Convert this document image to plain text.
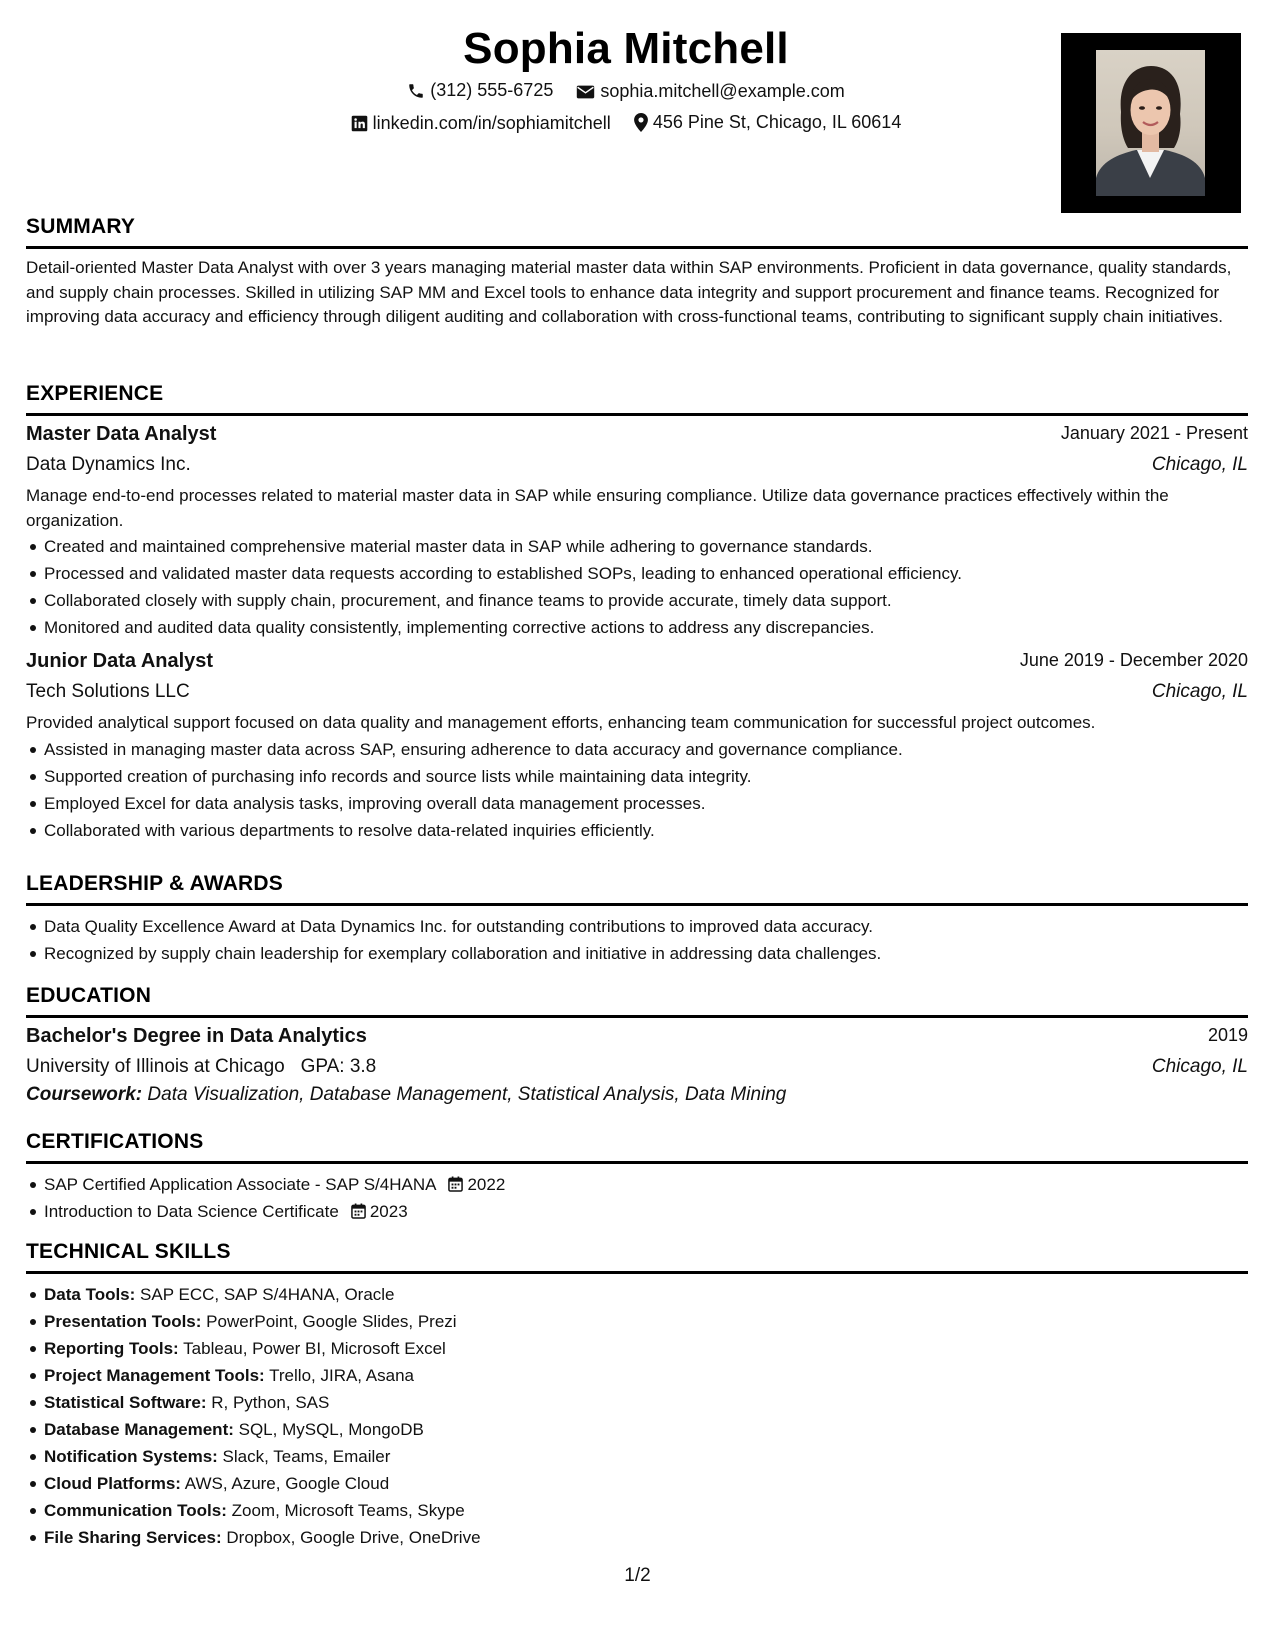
Sophia Mitchell
(312) 555-6725
	sophia.mitchell@example.com
linkedin.com/in/sophiamitchell
456 Pine St, Chicago, IL 60614
SUMMARY

Detail-oriented Master Data Analyst with over 3 years managing material master data within SAP environments. Proficient in data governance, quality standards, and supply chain processes. Skilled in utilizing SAP MM and Excel tools to enhance data integrity and support procurement and finance teams. Recognized for improving data accuracy and efficiency through diligent auditing and collaboration with cross-functional teams, contributing to significant supply chain initiatives.

EXPERIENCE
Master Data Analyst	January 2021 - Present
Data Dynamics Inc.	Chicago, IL

Manage end-to-end processes related to material master data in SAP while ensuring compliance. Utilize data governance practices effectively within the organization.

Created and maintained comprehensive material master data in SAP while adhering to governance standards.
Processed and validated master data requests according to established SOPs, leading to enhanced operational efficiency.
Collaborated closely with supply chain, procurement, and finance teams to provide accurate, timely data support.
Monitored and audited data quality consistently, implementing corrective actions to address any discrepancies.
Junior Data Analyst	June 2019 - December 2020
Tech Solutions LLC	Chicago, IL

Provided analytical support focused on data quality and management efforts, enhancing team communication for successful project outcomes.

Assisted in managing master data across SAP, ensuring adherence to data accuracy and governance compliance.
Supported creation of purchasing info records and source lists while maintaining data integrity.
Employed Excel for data analysis tasks, improving overall data management processes.
Collaborated with various departments to resolve data-related inquiries efficiently.
LEADERSHIP & AWARDS
Data Quality Excellence Award at Data Dynamics Inc. for outstanding contributions to improved data accuracy.
Recognized by supply chain leadership for exemplary collaboration and initiative in addressing data challenges.
EDUCATION
Bachelor's Degree in Data Analytics	2019
University of Illinois at Chicago GPA: 3.8	Chicago, IL
Coursework: Data Visualization, Database Management, Statistical Analysis, Data Mining
CERTIFICATIONS
SAP Certified Application Associate - SAP S/4HANA 2022
Introduction to Data Science Certificate 2023
TECHNICAL SKILLS
Data Tools: SAP ECC, SAP S/4HANA, Oracle
Presentation Tools: PowerPoint, Google Slides, Prezi
Reporting Tools: Tableau, Power BI, Microsoft Excel
Project Management Tools: Trello, JIRA, Asana
Statistical Software: R, Python, SAS
Database Management: SQL, MySQL, MongoDB
Notification Systems: Slack, Teams, Emailer
Cloud Platforms: AWS, Azure, Google Cloud
Communication Tools: Zoom, Microsoft Teams, Skype
File Sharing Services: Dropbox, Google Drive, OneDrive
1/2
